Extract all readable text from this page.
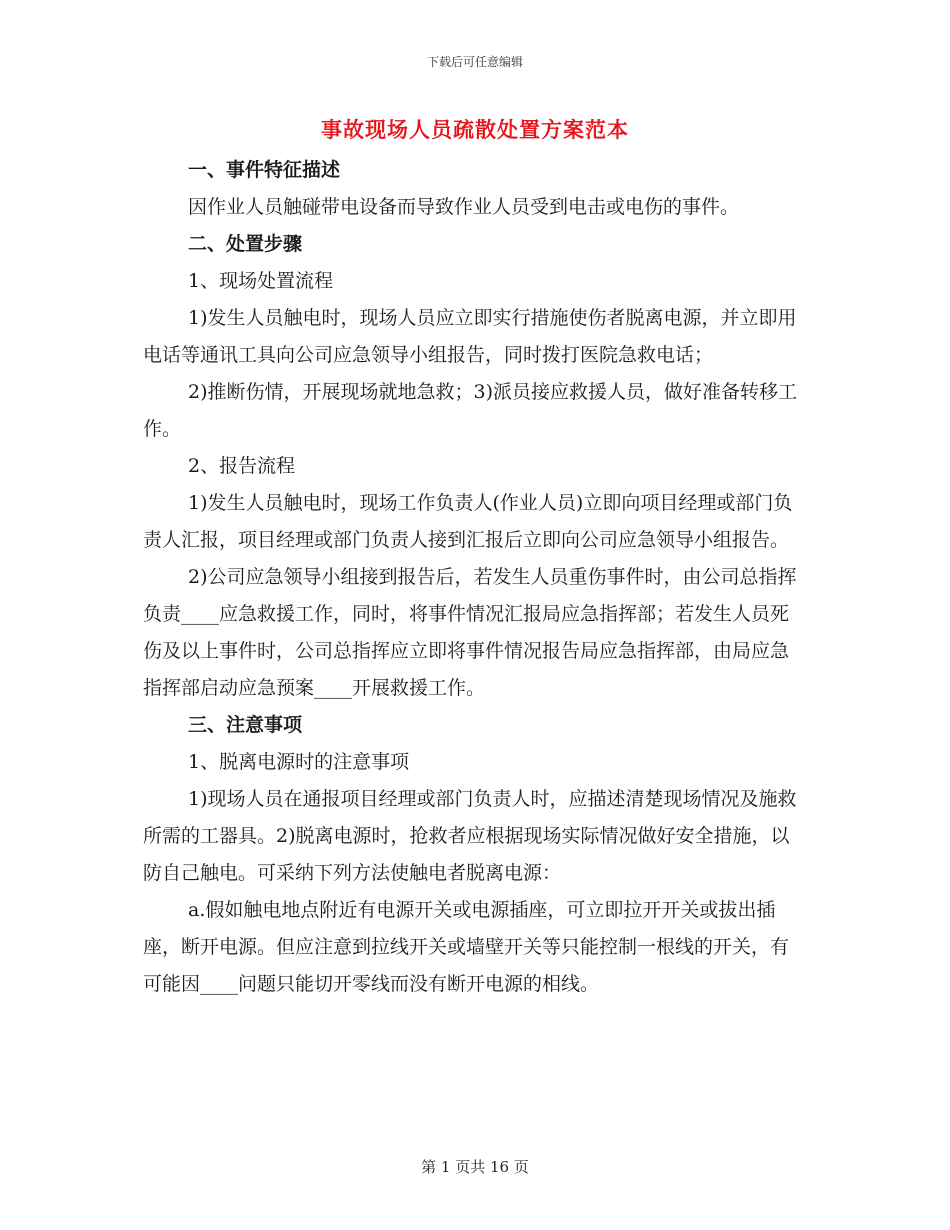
下载后可任意编辑
事故现场人员疏散处置方案范本

一、事件特征描述

因作业人员触碰带电设备而导致作业人员受到电击或电伤的事件。

二、处置步骤

1、现场处置流程

1)发生人员触电时，现场人员应立即实行措施使伤者脱离电源，并立即用电话等通讯工具向公司应急领导小组报告，同时拨打医院急救电话；

2)推断伤情，开展现场就地急救；3)派员接应救援人员，做好准备转移工作。

2、报告流程

1)发生人员触电时，现场工作负责人(作业人员)立即向项目经理或部门负责人汇报，项目经理或部门负责人接到汇报后立即向公司应急领导小组报告。

2)公司应急领导小组接到报告后，若发生人员重伤事件时，由公司总指挥负责____应急救援工作，同时，将事件情况汇报局应急指挥部；若发生人员死伤及以上事件时，公司总指挥应立即将事件情况报告局应急指挥部，由局应急指挥部启动应急预案____开展救援工作。

三、注意事项

1、脱离电源时的注意事项

1)现场人员在通报项目经理或部门负责人时，应描述清楚现场情况及施救所需的工器具。2)脱离电源时，抢救者应根据现场实际情况做好安全措施，以防自己触电。可采纳下列方法使触电者脱离电源：

a.假如触电地点附近有电源开关或电源插座，可立即拉开开关或拔出插座，断开电源。但应注意到拉线开关或墙壁开关等只能控制一根线的开关，有可能因____问题只能切开零线而没有断开电源的相线。

第 1 页共 16 页
